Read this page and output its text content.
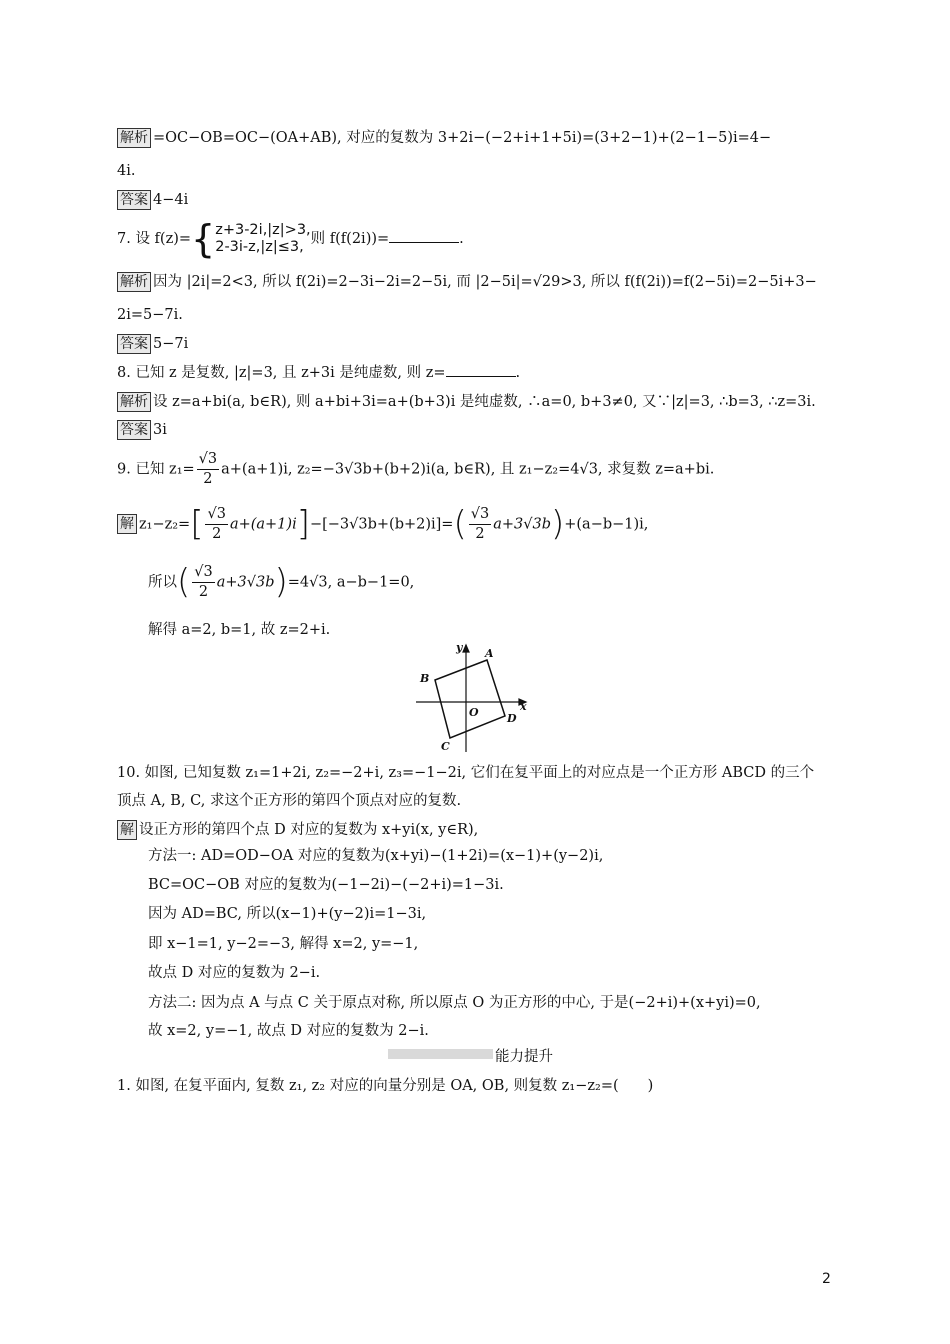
解析 =OC−OB=OC−(OA+AB), 对应的复数为 3+2i−(−2+i+1+5i)=(3+2−1)+(2−1−5)i=4−
4i.
答案 4−4i
7. 设 f(z)={ z+3-2i,|z|>3,
2-3i-z,|z|≤3, 则 f(f(2i))=	.
解析 因为 |2i|=2<3, 所以 f(2i)=2−3i−2i=2−5i, 而 |2−5i|=√29>3, 所以 f(f(2i))=f(2−5i)=2−5i+3−
2i=5−7i.
答案 5−7i
8. 已知 z 是复数, |z|=3, 且 z+3i 是纯虚数, 则 z=	.
解析 设 z=a+bi(a, b∈R), 则 a+bi+3i=a+(b+3)i 是纯虚数, ∴a=0, b+3≠0, 又∵|z|=3, ∴b=3, ∴z=3i.
答案 3i
9. 已知 $z_1= \frac{√3}{2} a+(a+1)i$, z₂=−3√3b+(b+2)i(a, b∈R), 且 z₁−z₂=4√3, 求复数 z=a+bi.
解 $z_1-z_2=[ \frac{√3}{2} a+(a+1)i]-[-3√3b+(b+2)i]=( \frac{√3}{2} a+3√3b)+(a-b-1)i$,
所以( $\frac{√3}{2} a+3√3b)=4√3$, a−b−1=0,
解得 a=2, b=1, 故 z=2+i.
y
x
A
B
C
D
O
10. 如图, 已知复数 z₁=1+2i, z₂=−2+i, z₃=−1−2i, 它们在复平面上的对应点是一个正方形 ABCD 的三个
顶点 A, B, C, 求这个正方形的第四个顶点对应的复数.
解 设正方形的第四个点 D 对应的复数为 x+yi(x, y∈R),
方法一: AD=OD−OA 对应的复数为(x+yi)−(1+2i)=(x−1)+(y−2)i,
BC=OC−OB 对应的复数为(−1−2i)−(−2+i)=1−3i.
因为 AD=BC, 所以(x−1)+(y−2)i=1−3i,
即 x−1=1, y−2=−3, 解得 x=2, y=−1,
故点 D 对应的复数为 2−i.
方法二: 因为点 A 与点 C 关于原点对称, 所以原点 O 为正方形的中心, 于是(−2+i)+(x+yi)=0,
故 x=2, y=−1, 故点 D 对应的复数为 2−i.
能力提升
1. 如图, 在复平面内, 复数 z₁, z₂ 对应的向量分别是 OA, OB, 则复数 z₁−z₂=(　　)
2
